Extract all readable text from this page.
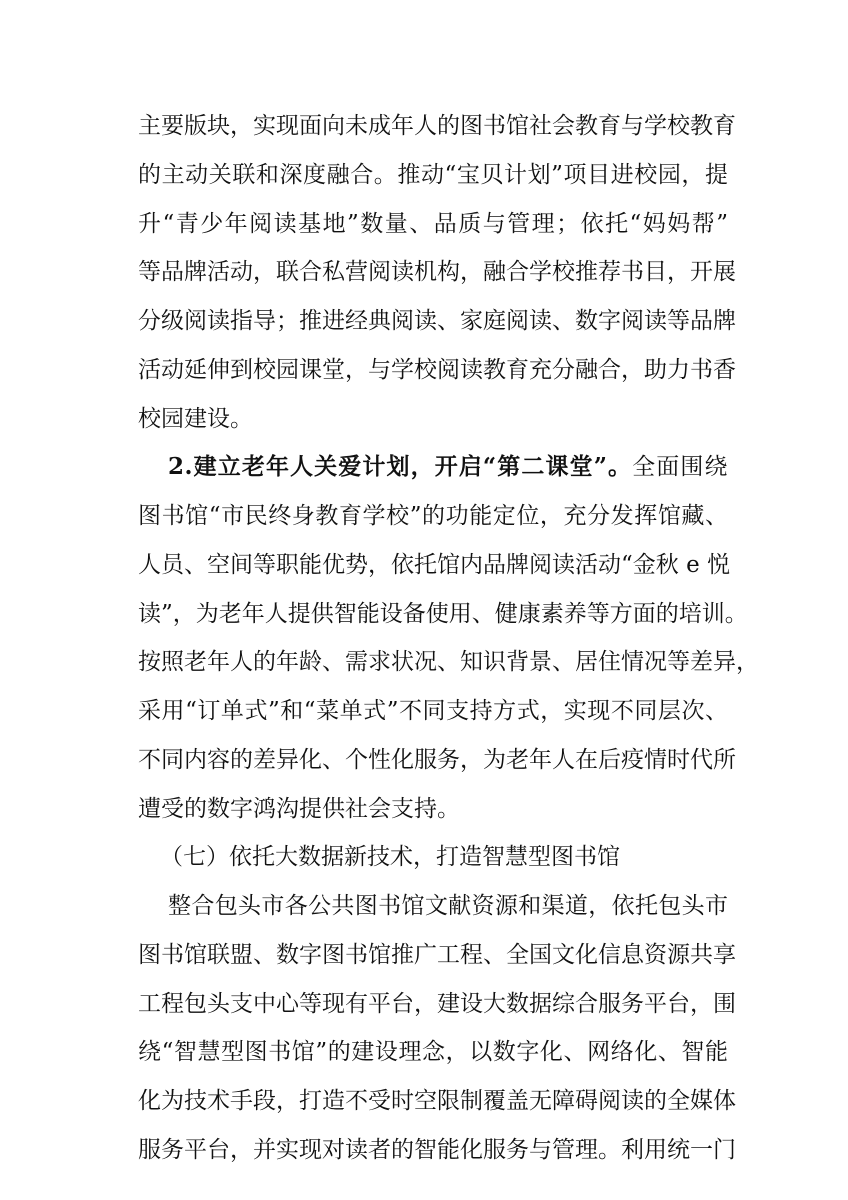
主要版块，实现面向未成年人的图书馆社会教育与学校教育
的主动关联和深度融合。推动“宝贝计划”项目进校园，提
升“青少年阅读基地”数量、品质与管理；依托“妈妈帮”
等品牌活动，联合私营阅读机构，融合学校推荐书目，开展
分级阅读指导；推进经典阅读、家庭阅读、数字阅读等品牌
活动延伸到校园课堂，与学校阅读教育充分融合，助力书香
校园建设。
2.建立老年人关爱计划，开启“第二课堂”。全面围绕
图书馆“市民终身教育学校”的功能定位，充分发挥馆藏、
人员、空间等职能优势，依托馆内品牌阅读活动“金秋 e 悦
读”，为老年人提供智能设备使用、健康素养等方面的培训。
按照老年人的年龄、需求状况、知识背景、居住情况等差异，
采用“订单式”和“菜单式”不同支持方式，实现不同层次、
不同内容的差异化、个性化服务，为老年人在后疫情时代所
遭受的数字鸿沟提供社会支持。
（七）依托大数据新技术，打造智慧型图书馆
整合包头市各公共图书馆文献资源和渠道，依托包头市
图书馆联盟、数字图书馆推广工程、全国文化信息资源共享
工程包头支中心等现有平台，建设大数据综合服务平台，围
绕“智慧型图书馆”的建设理念，以数字化、网络化、智能
化为技术手段，打造不受时空限制覆盖无障碍阅读的全媒体
服务平台，并实现对读者的智能化服务与管理。利用统一门
